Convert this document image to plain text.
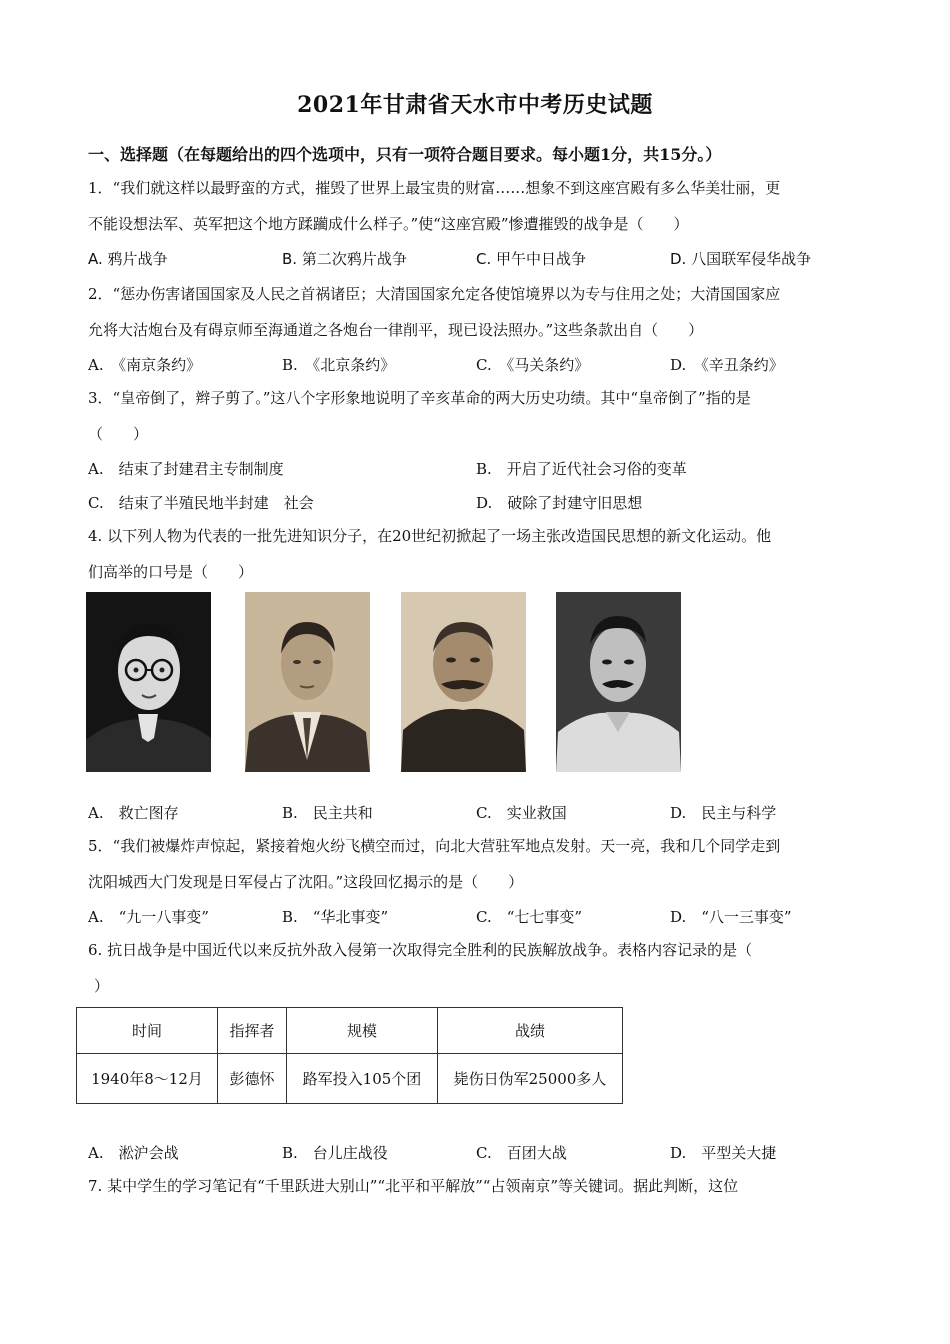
2021年甘肃省天水市中考历史试题
一、选择题（在每题给出的四个选项中，只有一项符合题目要求。每小题1分，共15分。）
1．“我们就这样以最野蛮的方式，摧毁了世界上最宝贵的财富……想象不到这座宫殿有多么华美壮丽，更
不能设想法军、英军把这个地方蹂躏成什么样子。”使“这座宫殿”惨遭摧毁的战争是（　　）
A. 鸦片战争	B. 第二次鸦片战争	C. 甲午中日战争	D. 八国联军侵华战争
2．“惩办伤害诸国国家及人民之首祸诸臣；大清国国家允定各使馆境界以为专与住用之处；大清国国家应
允将大沽炮台及有碍京师至海通道之各炮台一律削平，现已设法照办。”这些条款出自（　　）
A.　《南京条约》	B.　《北京条约》	C.　《马关条约》	D.　《辛丑条约》
3．“皇帝倒了，辫子剪了。”这八个字形象地说明了辛亥革命的两大历史功绩。其中“皇帝倒了”指的是
（　　）
A.　结束了封建君主专制制度	B.　开启了近代社会习俗的变革
C.　结束了半殖民地半封建　社会	D.　破除了封建守旧思想
4. 以下列人物为代表的一批先进知识分子，在20世纪初掀起了一场主张改造国民思想的新文化运动。他
们高举的口号是（　　）
A.　救亡图存	B.　民主共和	C.　实业救国	D.　民主与科学
5．“我们被爆炸声惊起，紧接着炮火纷飞横空而过，向北大营驻军地点发射。天一亮，我和几个同学走到
沈阳城西大门发现是日军侵占了沈阳。”这段回忆揭示的是（　　）
A.　“九一八事变”	B.　“华北事变”	C.　“七七事变”	D.　“八一三事变”
6. 抗日战争是中国近代以来反抗外敌入侵第一次取得完全胜利的民族解放战争。表格内容记录的是（
）
时间	指挥者	规模	战绩
1940年8～12月	彭德怀	路军投入105个团	毙伤日伪军25000多人
A.　淞沪会战	B.　台儿庄战役	C.　百团大战	D.　平型关大捷
7. 某中学生的学习笔记有“千里跃进大别山”“北平和平解放”“占领南京”等关键词。据此判断，这位
